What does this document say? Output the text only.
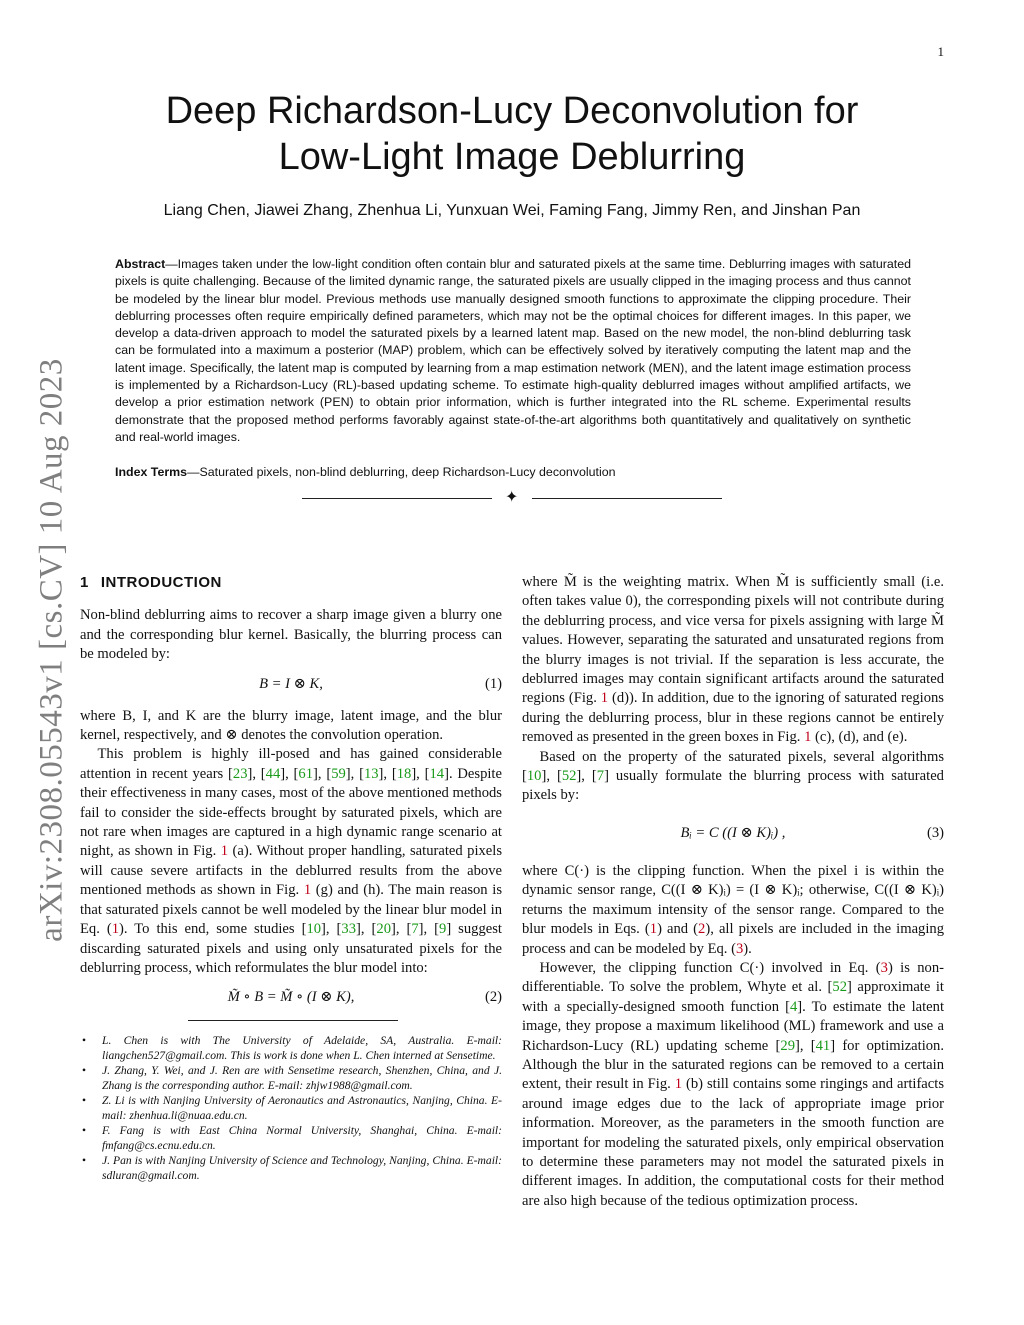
1
arXiv:2308.05543v1 [cs.CV] 10 Aug 2023
Deep Richardson-Lucy Deconvolution for
Low-Light Image Deblurring
Liang Chen, Jiawei Zhang, Zhenhua Li, Yunxuan Wei, Faming Fang, Jimmy Ren, and Jinshan Pan
Abstract—Images taken under the low-light condition often contain blur and saturated pixels at the same time. Deblurring images with saturated pixels is quite challenging. Because of the limited dynamic range, the saturated pixels are usually clipped in the imaging process and thus cannot be modeled by the linear blur model. Previous methods use manually designed smooth functions to approximate the clipping procedure. Their deblurring processes often require empirically defined parameters, which may not be the optimal choices for different images. In this paper, we develop a data-driven approach to model the saturated pixels by a learned latent map. Based on the new model, the non-blind deblurring task can be formulated into a maximum a posterior (MAP) problem, which can be effectively solved by iteratively computing the latent map and the latent image. Specifically, the latent map is computed by learning from a map estimation network (MEN), and the latent image estimation process is implemented by a Richardson-Lucy (RL)-based updating scheme. To estimate high-quality deblurred images without amplified artifacts, we develop a prior estimation network (PEN) to obtain prior information, which is further integrated into the RL scheme. Experimental results demonstrate that the proposed method performs favorably against state-of-the-art algorithms both quantitatively and qualitatively on synthetic and real-world images.
Index Terms—Saturated pixels, non-blind deblurring, deep Richardson-Lucy deconvolution
✦

1 INTRODUCTION

Non-blind deblurring aims to recover a sharp image given a blurry one and the corresponding blur kernel. Basically, the blurring process can be modeled by:

B = I ⊗ K,	(1)

where B, I, and K are the blurry image, latent image, and the blur kernel, respectively, and ⊗ denotes the convolution operation.

This problem is highly ill-posed and has gained considerable attention in recent years [23], [44], [61], [59], [13], [18], [14]. Despite their effectiveness in many cases, most of the above mentioned methods fail to consider the side-effects brought by saturated pixels, which are not rare when images are captured in a high dynamic range scenario at night, as shown in Fig. 1 (a). Without proper handling, saturated pixels will cause severe artifacts in the deblurred results from the above mentioned methods as shown in Fig. 1 (g) and (h). The main reason is that saturated pixels cannot be well modeled by the linear blur model in Eq. (1). To this end, some studies [10], [33], [20], [7], [9] suggest discarding saturated pixels and using only unsaturated pixels for the deblurring process, which reformulates the blur model into:

M̃ ∘ B = M̃ ∘ (I ⊗ K),	(2)
• L. Chen is with The University of Adelaide, SA, Australia. E-mail: liangchen527@gmail.com. This is work is done when L. Chen interned at Sensetime.
• J. Zhang, Y. Wei, and J. Ren are with Sensetime research, Shenzhen, China, and J. Zhang is the corresponding author. E-mail: zhjw1988@gmail.com.
• Z. Li is with Nanjing University of Aeronautics and Astronautics, Nanjing, China. E-mail: zhenhua.li@nuaa.edu.cn.
• F. Fang is with East China Normal University, Shanghai, China. E-mail: fmfang@cs.ecnu.edu.cn.
• J. Pan is with Nanjing University of Science and Technology, Nanjing, China. E-mail: sdluran@gmail.com.

where M̃ is the weighting matrix. When M̃ is sufficiently small (i.e. often takes value 0), the corresponding pixels will not contribute during the deblurring process, and vice versa for pixels assigning with large M̃ values. However, separating the saturated and unsaturated regions from the blurry images is not trivial. If the separation is less accurate, the deblurred images may contain significant artifacts around the saturated regions (Fig. 1 (d)). In addition, due to the ignoring of saturated regions during the deblurring process, blur in these regions cannot be entirely removed as presented in the green boxes in Fig. 1 (c), (d), and (e).

Based on the property of the saturated pixels, several algorithms [10], [52], [7] usually formulate the blurring process with saturated pixels by:

Bᵢ = C ((I ⊗ K)ᵢ) ,	(3)

where C(·) is the clipping function. When the pixel i is within the dynamic sensor range, C((I ⊗ K)ᵢ) = (I ⊗ K)ᵢ; otherwise, C((I ⊗ K)ᵢ) returns the maximum intensity of the sensor range. Compared to the blur models in Eqs. (1) and (2), all pixels are included in the imaging process and can be modeled by Eq. (3).

However, the clipping function C(·) involved in Eq. (3) is non-differentiable. To solve the problem, Whyte et al. [52] approximate it with a specially-designed smooth function [4]. To estimate the latent image, they propose a maximum likelihood (ML) framework and use a Richardson-Lucy (RL) updating scheme [29], [41] for optimization. Although the blur in the saturated regions can be removed to a certain extent, their result in Fig. 1 (b) still contains some ringings and artifacts around image edges due to the lack of appropriate image prior information. Moreover, as the parameters in the smooth function are important for modeling the saturated pixels, only empirical observation to determine these parameters may not model the saturated pixels in different images. In addition, the computational costs for their method are also high because of the tedious optimization process.
